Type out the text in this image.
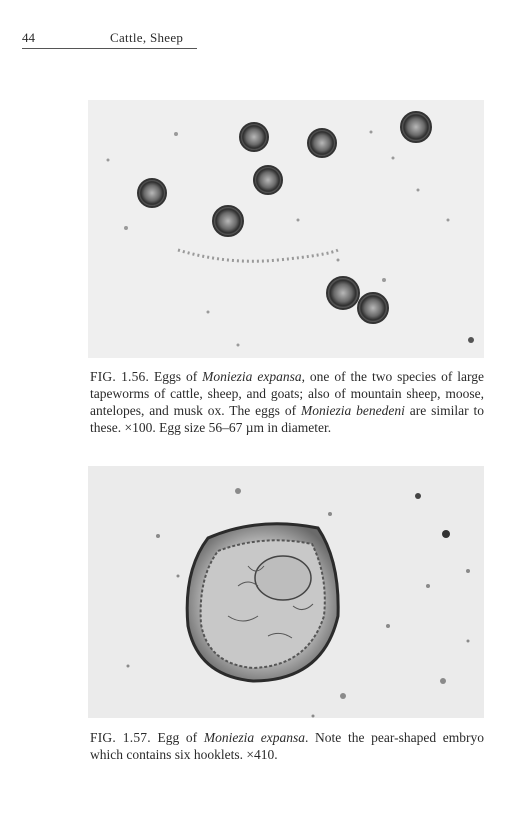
44	Cattle, Sheep

FIG. 1.56. Eggs of Moniezia expansa, one of the two species of large tapeworms of cattle, sheep, and goats; also of mountain sheep, moose, antelopes, and musk ox. The eggs of Moniezia benedeni are similar to these. ×100. Egg size 56–67 µm in diameter.

FIG. 1.57. Egg of Moniezia expansa. Note the pear-shaped embryo which contains six hooklets. ×410.
